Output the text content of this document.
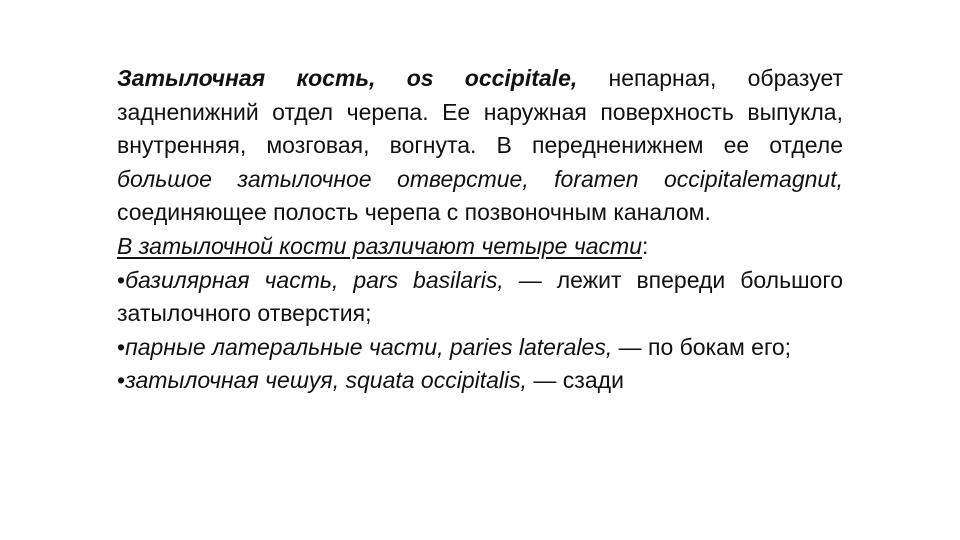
Затылочная кость, os occipitale, непарная, образует заднenижний отдел черепа. Ее наружная поверхность выпукла, внутренняя, мозговая, вогнута. В передненижнем ее отделе большое затылочное отверстие, foramen occipitalemagnut, соединяющее полость черепа с позвоночным каналом.

В затылочной кости различают четыре части:

•базилярная часть, pars basilaris, — лежит впереди большого затылочного отверстия;

•парные латеральные части, paries laterales, — по бокам его;

•затылочная чешуя, squata occipitalis, — сзади
